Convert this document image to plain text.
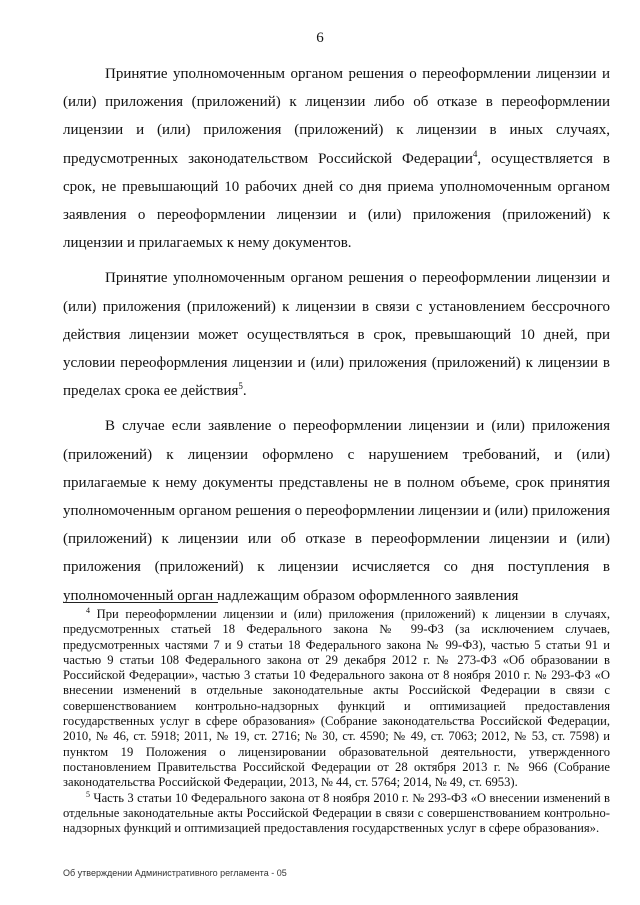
6

Принятие уполномоченным органом решения о переоформлении лицензии и (или) приложения (приложений) к лицензии либо об отказе в переоформлении лицензии и (или) приложения (приложений) к лицензии в иных случаях, предусмотренных законодательством Российской Федерации$^4$, осуществляется в срок, не превышающий 10 рабочих дней со дня приема уполномоченным органом заявления о переоформлении лицензии и (или) приложения (приложений) к лицензии и прилагаемых к нему документов.

Принятие уполномоченным органом решения о переоформлении лицензии и (или) приложения (приложений) к лицензии в связи с установлением бессрочного действия лицензии может осуществляться в срок, превышающий 10 дней, при условии переоформления лицензии и (или) приложения (приложений) к лицензии в пределах срока ее действия$^5$.

В случае если заявление о переоформлении лицензии и (или) приложения (приложений) к лицензии оформлено с нарушением требований, и (или) прилагаемые к нему документы представлены не в полном объеме, срок принятия уполномоченным органом решения о переоформлении лицензии и (или) приложения (приложений) к лицензии или об отказе в переоформлении лицензии и (или) приложения (приложений) к лицензии исчисляется со дня поступления в уполномоченный орган надлежащим образом оформленного заявления

$^4$ При переоформлении лицензии и (или) приложения (приложений) к лицензии в случаях, предусмотренных статьей 18 Федерального закона № 99-ФЗ (за исключением случаев, предусмотренных частями 7 и 9 статьи 18 Федерального закона № 99-ФЗ), частью 5 статьи 91 и частью 9 статьи 108 Федерального закона от 29 декабря 2012 г. № 273-ФЗ «Об образовании в Российской Федерации», частью 3 статьи 10 Федерального закона от 8 ноября 2010 г. № 293-ФЗ «О внесении изменений в отдельные законодательные акты Российской Федерации в связи с совершенствованием контрольно-надзорных функций и оптимизацией предоставления государственных услуг в сфере образования» (Собрание законодательства Российской Федерации, 2010, № 46, ст. 5918; 2011, № 19, ст. 2716; № 30, ст. 4590; № 49, ст. 7063; 2012, № 53, ст. 7598) и пунктом 19 Положения о лицензировании образовательной деятельности, утвержденного постановлением Правительства Российской Федерации от 28 октября 2013 г. № 966 (Собрание законодательства Российской Федерации, 2013, № 44, ст. 5764; 2014, № 49, ст. 6953).

$^5$ Часть 3 статьи 10 Федерального закона от 8 ноября 2010 г. № 293-ФЗ «О внесении изменений в отдельные законодательные акты Российской Федерации в связи с совершенствованием контрольно-надзорных функций и оптимизацией предоставления государственных услуг в сфере образования».

Об утверждении Административного регламента - 05
